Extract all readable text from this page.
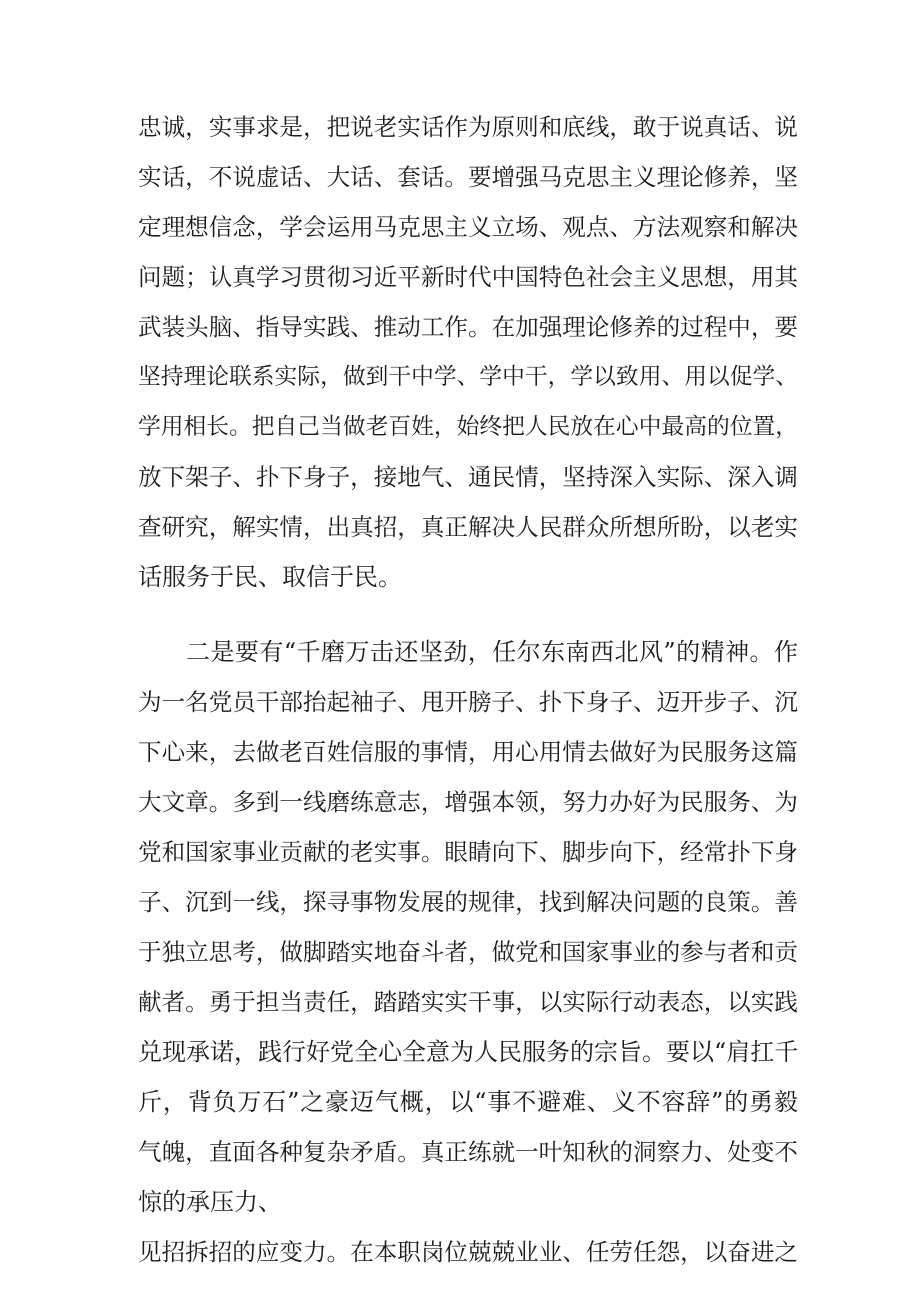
忠诚，实事求是，把说老实话作为原则和底线，敢于说真话、说
实话，不说虚话、大话、套话。要增强马克思主义理论修养，坚
定理想信念，学会运用马克思主义立场、观点、方法观察和解决
问题；认真学习贯彻习近平新时代中国特色社会主义思想，用其
武装头脑、指导实践、推动工作。在加强理论修养的过程中，要
坚持理论联系实际，做到干中学、学中干，学以致用、用以促学、
学用相长。把自己当做老百姓，始终把人民放在心中最高的位置，
放下架子、扑下身子，接地气、通民情，坚持深入实际、深入调
查研究，解实情，出真招，真正解决人民群众所想所盼，以老实
话服务于民、取信于民。
二是要有“千磨万击还坚劲，任尔东南西北风”的精神。作
为一名党员干部抬起袖子、甩开膀子、扑下身子、迈开步子、沉
下心来，去做老百姓信服的事情，用心用情去做好为民服务这篇
大文章。多到一线磨练意志，增强本领，努力办好为民服务、为
党和国家事业贡献的老实事。眼睛向下、脚步向下，经常扑下身
子、沉到一线，探寻事物发展的规律，找到解决问题的良策。善
于独立思考，做脚踏实地奋斗者，做党和国家事业的参与者和贡
献者。勇于担当责任，踏踏实实干事，以实际行动表态，以实践
兑现承诺，践行好党全心全意为人民服务的宗旨。要以“肩扛千
斤，背负万石”之豪迈气概，以“事不避难、义不容辞”的勇毅
气魄，直面各种复杂矛盾。真正练就一叶知秋的洞察力、处变不
惊的承压力、
见招拆招的应变力。在本职岗位兢兢业业、任劳任怨，以奋进之
